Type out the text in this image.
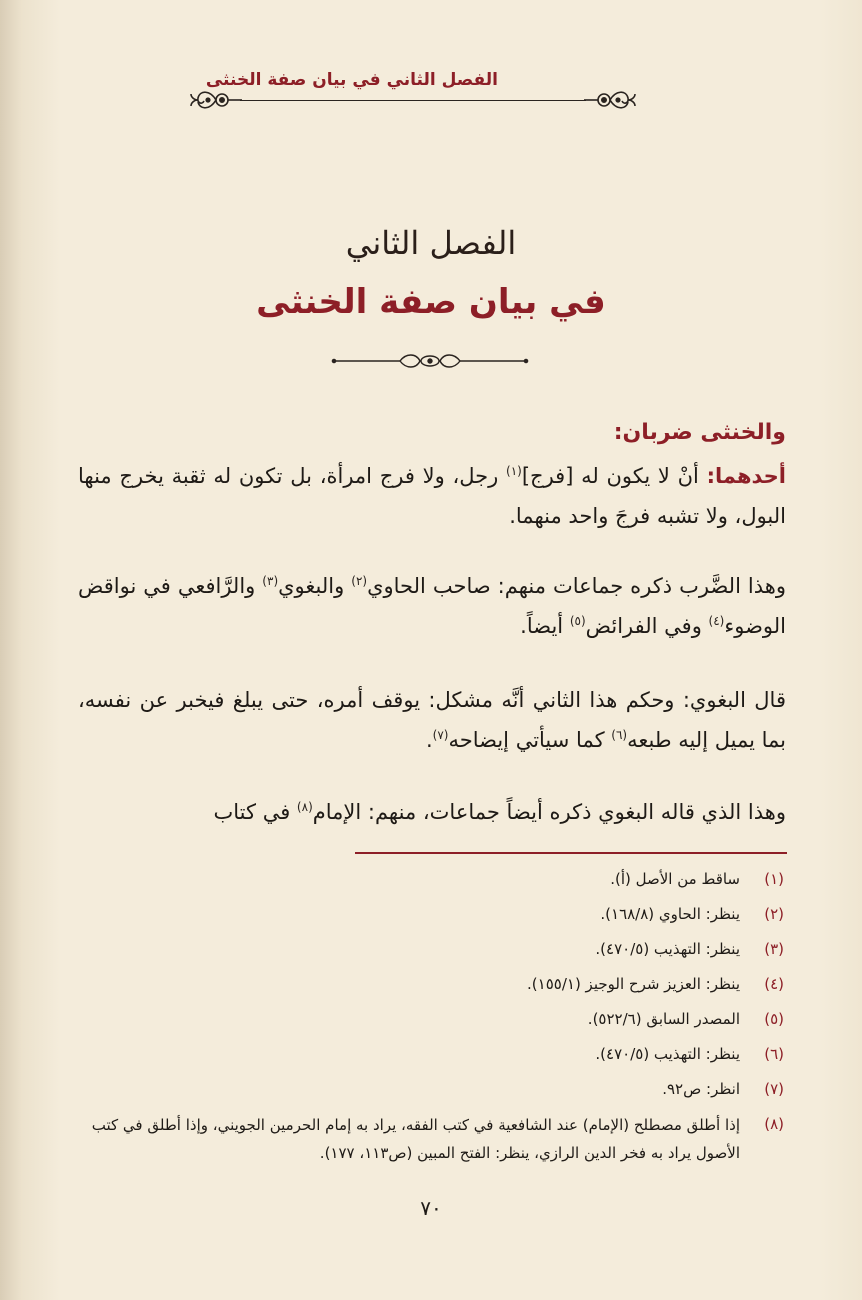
الفصل الثاني في بيان صفة الخنثى
الفصل الثاني
في بيان صفة الخنثى
والخنثى ضربان:
أحدهما: أنْ لا يكون له [فرج]$^{(١)}$ رجل، ولا فرج امرأة، بل تكون له ثقبة يخرج منها البول، ولا تشبه فرجَ واحد منهما.
وهذا الضَّرب ذكره جماعات منهم: صاحب الحاوي$^{(٢)}$ والبغوي$^{(٣)}$ والرَّافعي في نواقض الوضوء$^{(٤)}$ وفي الفرائض$^{(٥)}$ أيضاً.
قال البغوي: وحكم هذا الثاني أنَّه مشكل: يوقف أمره، حتى يبلغ فيخبر عن نفسه، بما يميل إليه طبعه$^{(٦)}$ كما سيأتي إيضاحه$^{(٧)}$.
وهذا الذي قاله البغوي ذكره أيضاً جماعات، منهم: الإمام$^{(٨)}$ في كتاب
(١)
ساقط من الأصل (أ).
(٢)
ينظر: الحاوي (١٦٨/٨).
(٣)
ينظر: التهذيب (٤٧٠/٥).
(٤)
ينظر: العزيز شرح الوجيز (١٥٥/١).
(٥)
المصدر السابق (٥٢٢/٦).
(٦)
ينظر: التهذيب (٤٧٠/٥).
(٧)
انظر: ص٩٢.
(٨)
إذا أطلق مصطلح (الإمام) عند الشافعية في كتب الفقه، يراد به إمام الحرمين الجويني، وإذا أطلق في كتب الأصول يراد به فخر الدين الرازي، ينظر: الفتح المبين (ص١١٣، ١٧٧).
٧٠
